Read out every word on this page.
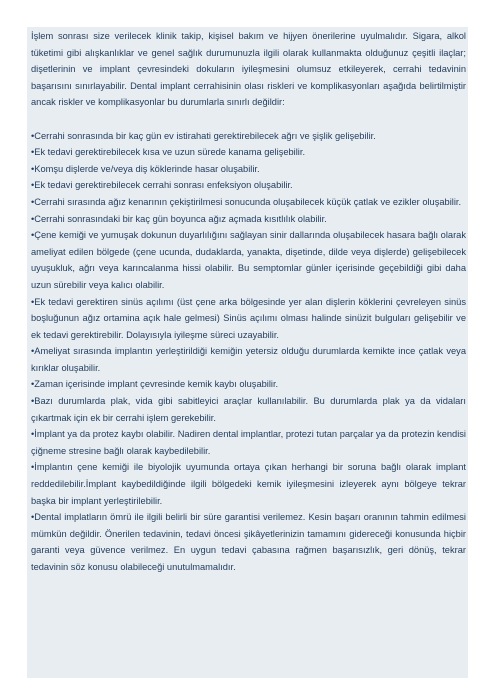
İşlem sonrası size verilecek klinik takip, kişisel bakım ve hijyen önerilerine uyulmalıdır. Sigara, alkol tüketimi gibi alışkanlıklar ve genel sağlık durumunuzla ilgili olarak kullanmakta olduğunuz çeşitli ilaçlar; dişetlerinin ve implant çevresindeki dokuların iyileşmesini olumsuz etkileyerek, cerrahi tedavinin başarısını sınırlayabilir. Dental implant cerrahisinin olası riskleri ve komplikasyonları aşağıda belirtilmiştir ancak riskler ve komplikasyonlar bu durumlarla sınırlı değildir:

•Cerrahi sonrasında bir kaç gün ev istirahati gerektirebilecek ağrı ve şişlik gelişebilir.
•Ek tedavi gerektirebilecek kısa ve uzun sürede kanama gelişebilir.
•Komşu dişlerde ve/veya diş köklerinde hasar oluşabilir.
•Ek tedavi gerektirebilecek cerrahi sonrası enfeksiyon oluşabilir.
•Cerrahi sırasında ağız kenarının çekiştirilmesi sonucunda oluşabilecek küçük çatlak ve ezikler oluşabilir.
•Cerrahi sonrasındaki bir kaç gün boyunca ağız açmada kısıtlılık olabilir.
•Çene kemiği ve yumuşak dokunun duyarlılığını sağlayan sinir dallarında oluşabilecek hasara bağlı olarak ameliyat edilen bölgede (çene ucunda, dudaklarda, yanakta, dişetinde, dilde veya dişlerde) gelişebilecek uyuşukluk, ağrı veya karıncalanma hissi olabilir. Bu semptomlar günler içerisinde geçebildiği gibi daha uzun sürebilir veya kalıcı olabilir.
•Ek tedavi gerektiren sinüs açılımı (üst çene arka bölgesinde yer alan dişlerin köklerini çevreleyen sinüs boşluğunun ağız ortamina açık hale gelmesi) Sinüs açılımı olması halinde sinüzit bulguları gelişebilir ve ek tedavi gerektirebilir. Dolayısıyla iyileşme süreci uzayabilir.
•Ameliyat sırasında implantın yerleştirildiği kemiğin yetersiz olduğu durumlarda kemikte ince çatlak veya kırıklar oluşabilir.
•Zaman içerisinde implant çevresinde kemik kaybı oluşabilir.
•Bazı durumlarda plak, vida gibi sabitleyici araçlar kullanılabilir. Bu durumlarda plak ya da vidaları çıkartmak için ek bir cerrahi işlem gerekebilir.
•İmplant ya da protez kaybı olabilir. Nadiren dental implantlar, protezi tutan parçalar ya da protezin kendisi çiğneme stresine bağlı olarak kaybedilebilir.
•İmplantın çene kemiği ile biyolojik uyumunda ortaya çıkan herhangi bir soruna bağlı olarak implant reddedilebilir.İmplant kaybedildiğinde ilgili bölgedeki kemik iyileşmesini izleyerek aynı bölgeye tekrar başka bir implant yerleştirilebilir.
•Dental implatların ömrü ile ilgili belirli bir süre garantisi verilemez. Kesin başarı oranının tahmin edilmesi mümkün değildir. Önerilen tedavinin, tedavi öncesi şikâyetlerinizin tamamını gidereceği konusunda hiçbir garanti veya güvence verilmez. En uygun tedavi çabasına rağmen başarısızlık, geri dönüş, tekrar tedavinin söz konusu olabileceği unutulmamalıdır.
